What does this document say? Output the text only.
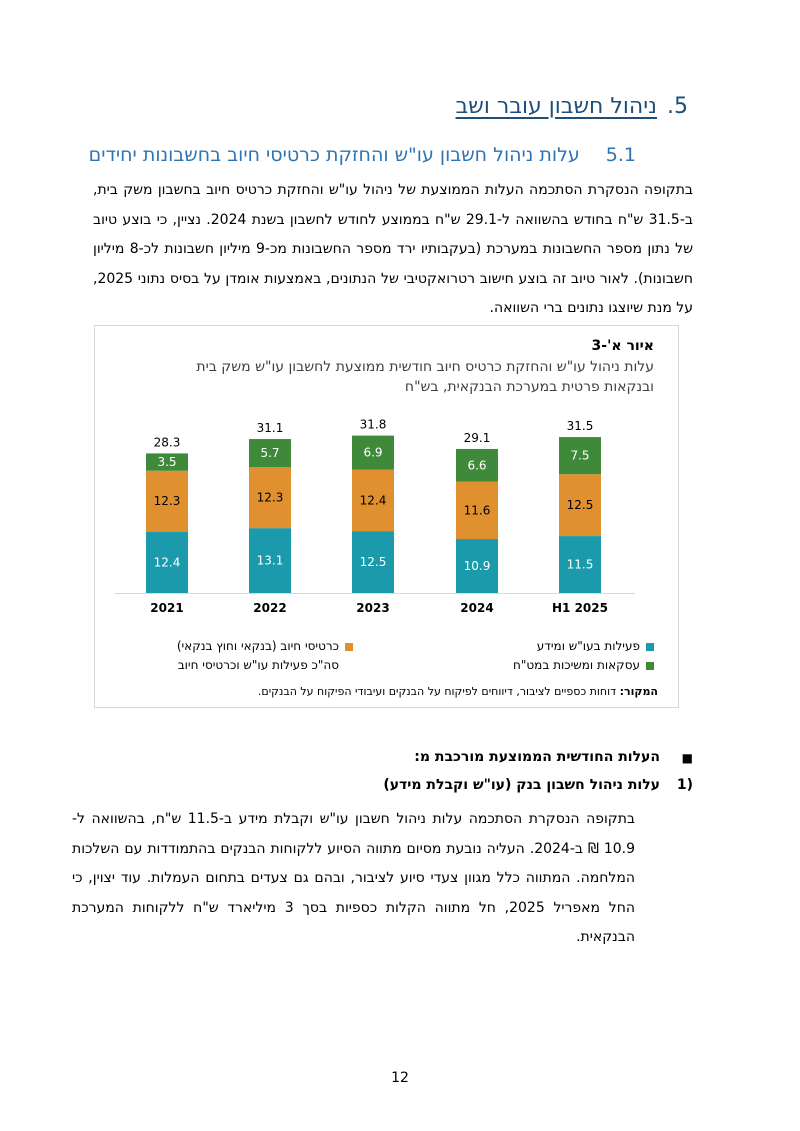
5.ניהול חשבון עובר ושב
5.1עלות ניהול חשבון עו"ש והחזקת כרטיסי חיוב בחשבונות יחידים
בתקופה הנסקרת הסתכמה העלות הממוצעת של ניהול עו"ש והחזקת כרטיס חיוב בחשבון משק בית,
ב-31.5 ש"ח בחודש בהשוואה ל-29.1 ש"ח בממוצע לחודש לחשבון בשנת 2024. נציין, כי בוצע טיוב
של נתון מספר החשבונות במערכת (בעקבותיו ירד מספר החשבונות מכ-9 מיליון חשבונות לכ-8 מיליון
חשבונות). לאור טיוב זה בוצע חישוב רטרואקטיבי של הנתונים, באמצעות אומדן על בסיס נתוני 2025,
על מנת שיוצגו נתונים ברי השוואה.
איור א'-3
עלות ניהול עו"ש והחזקת כרטיס חיוב חודשית ממוצעת לחשבון עו"ש משק בית
ובנקאות פרטית במערכת הבנקאית, בש"ח
12.4
12.3
3.5
28.3
2021
13.1
12.3
5.7
31.1
2022
12.5
12.4
6.9
31.8
2023
10.9
11.6
6.6
29.1
2024
11.5
12.5
7.5
31.5
H1 2025
פעילות בעו"ש ומידע
כרטיסי חיוב (בנקאי וחוץ בנקאי)
עסקאות ומשיכות במט"ח
סה"כ פעילות עו"ש וכרטיסי חיוב
המקור: דוחות כספיים לציבור, דיווחים לפיקוח על הבנקים ועיבודי הפיקוח על הבנקים.
■
העלות החודשית הממוצעת מורכבת מ:
1)
עלות ניהול חשבון בנק (עו"ש וקבלת מידע)
בתקופה הנסקרת הסתכמה עלות ניהול חשבון עו"ש וקבלת מידע ב-11.5 ש"ח, בהשוואה ל-
10.9 ₪ ב-2024. העליה נובעת מסיום מתווה הסיוע ללקוחות הבנקים בהתמודדות עם השלכות
המלחמה. המתווה כלל מגוון צעדי סיוע לציבור, ובהם גם צעדים בתחום העמלות. עוד יצוין, כי
החל מאפריל 2025, חל מתווה הקלות כספיות בסך 3 מיליארד ש"ח ללקוחות המערכת
הבנקאית.
12
